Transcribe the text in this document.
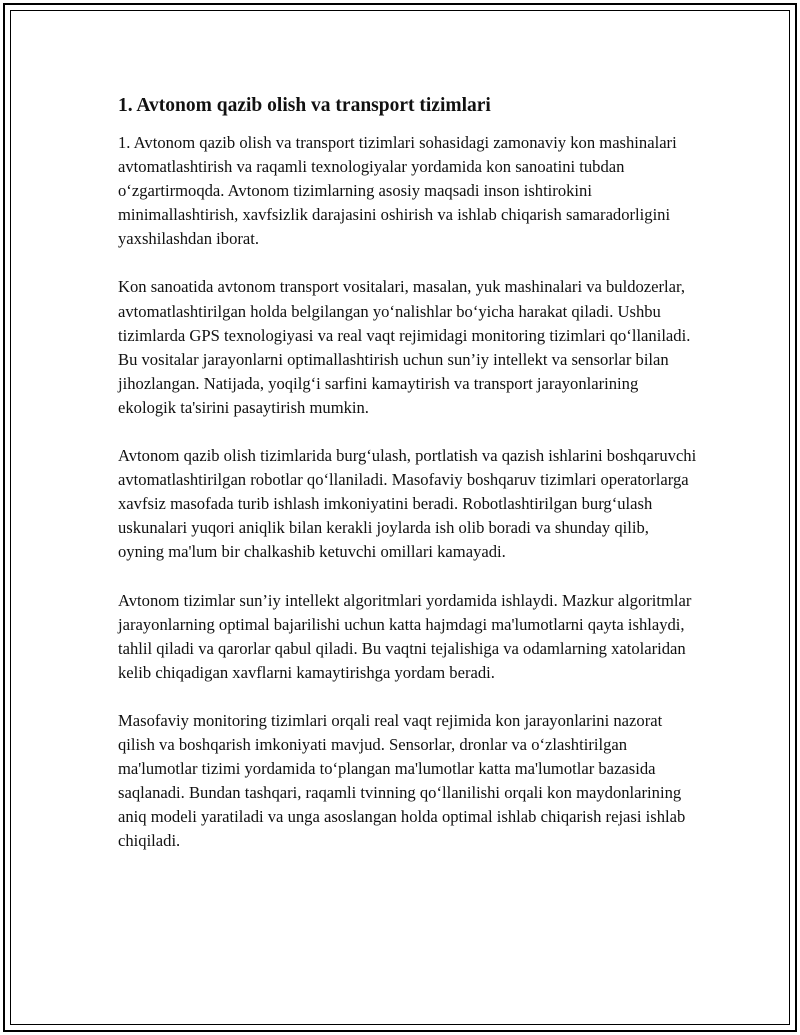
1. Avtonom qazib olish va transport tizimlari

1. Avtonom qazib olish va transport tizimlari sohasidagi zamonaviy kon mashinalari avtomatlashtirish va raqamli texnologiyalar yordamida kon sanoatini tubdan o‘zgartirmoqda. Avtonom tizimlarning asosiy maqsadi inson ishtirokini minimallashtirish, xavfsizlik darajasini oshirish va ishlab chiqarish samaradorligini yaxshilashdan iborat.

Kon sanoatida avtonom transport vositalari, masalan, yuk mashinalari va buldozerlar, avtomatlashtirilgan holda belgilangan yo‘nalishlar bo‘yicha harakat qiladi. Ushbu tizimlarda GPS texnologiyasi va real vaqt rejimidagi monitoring tizimlari qo‘llaniladi. Bu vositalar jarayonlarni optimallashtirish uchun sun’iy intellekt va sensorlar bilan jihozlangan. Natijada, yoqilg‘i sarfini kamaytirish va transport jarayonlarining ekologik ta'sirini pasaytirish mumkin.

Avtonom qazib olish tizimlarida burg‘ulash, portlatish va qazish ishlarini boshqaruvchi avtomatlashtirilgan robotlar qo‘llaniladi. Masofaviy boshqaruv tizimlari operatorlarga xavfsiz masofada turib ishlash imkoniyatini beradi. Robotlashtirilgan burg‘ulash uskunalari yuqori aniqlik bilan kerakli joylarda ish olib boradi va shunday qilib, oyning ma'lum bir chalkashib ketuvchi omillari kamayadi.

Avtonom tizimlar sun’iy intellekt algoritmlari yordamida ishlaydi. Mazkur algoritmlar jarayonlarning optimal bajarilishi uchun katta hajmdagi ma'lumotlarni qayta ishlaydi, tahlil qiladi va qarorlar qabul qiladi. Bu vaqtni tejalishiga va odamlarning xatolaridan kelib chiqadigan xavflarni kamaytirishga yordam beradi.

Masofaviy monitoring tizimlari orqali real vaqt rejimida kon jarayonlarini nazorat qilish va boshqarish imkoniyati mavjud. Sensorlar, dronlar va o‘zlashtirilgan ma'lumotlar tizimi yordamida to‘plangan ma'lumotlar katta ma'lumotlar bazasida saqlanadi. Bundan tashqari, raqamli tvinning qo‘llanilishi orqali kon maydonlarining aniq modeli yaratiladi va unga asoslangan holda optimal ishlab chiqarish rejasi ishlab chiqiladi.
